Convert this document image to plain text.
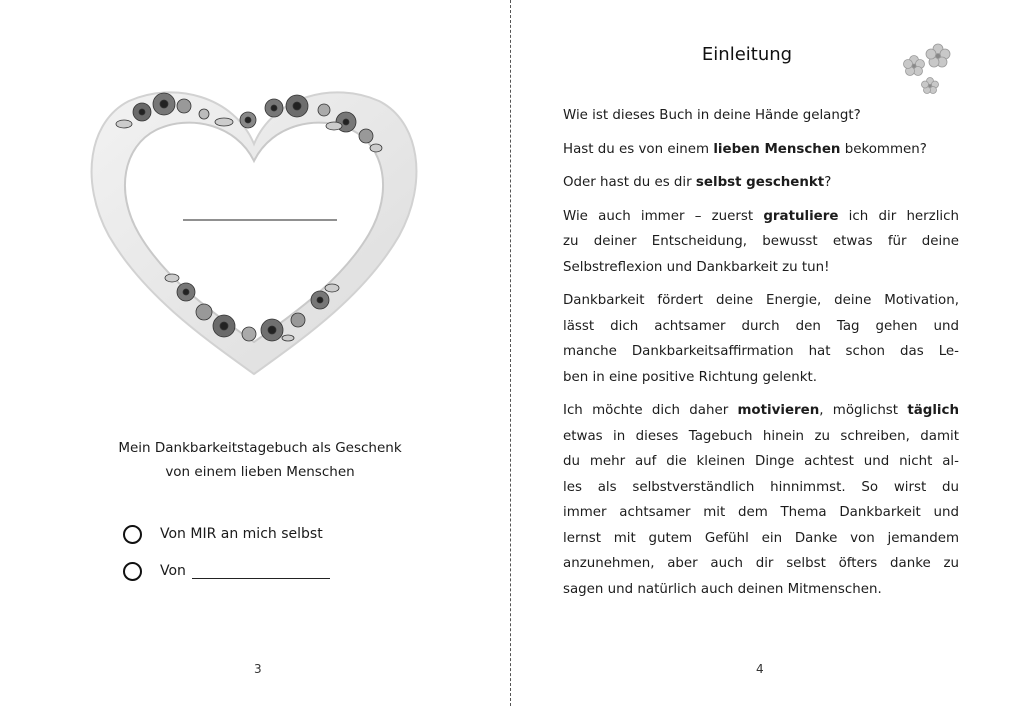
Mein Dankbarkeitstagebuch als Geschenk
von einem lieben Menschen
Von MIR an mich selbst
Von
3
Einleitung

Wie ist dieses Buch in deine Hände gelangt?

Hast du es von einem lieben Menschen bekommen?

Oder hast du es dir selbst geschenkt?

Wie auch immer – zuerst gratuliere ich dir herzlich
zu deiner Entscheidung, bewusst etwas für deine
Selbstreflexion und Dankbarkeit zu tun!

Dankbarkeit fördert deine Energie, deine Motivation,
lässt dich achtsamer durch den Tag gehen und
manche Dankbarkeitsaffirmation hat schon das Le-
ben in eine positive Richtung gelenkt.

Ich möchte dich daher motivieren, möglichst täglich
etwas in dieses Tagebuch hinein zu schreiben, damit
du mehr auf die kleinen Dinge achtest und nicht al-
les als selbstverständlich hinnimmst. So wirst du
immer achtsamer mit dem Thema Dankbarkeit und
lernst mit gutem Gefühl ein Danke von jemandem
anzunehmen, aber auch dir selbst öfters danke zu
sagen und natürlich auch deinen Mitmenschen.

4
